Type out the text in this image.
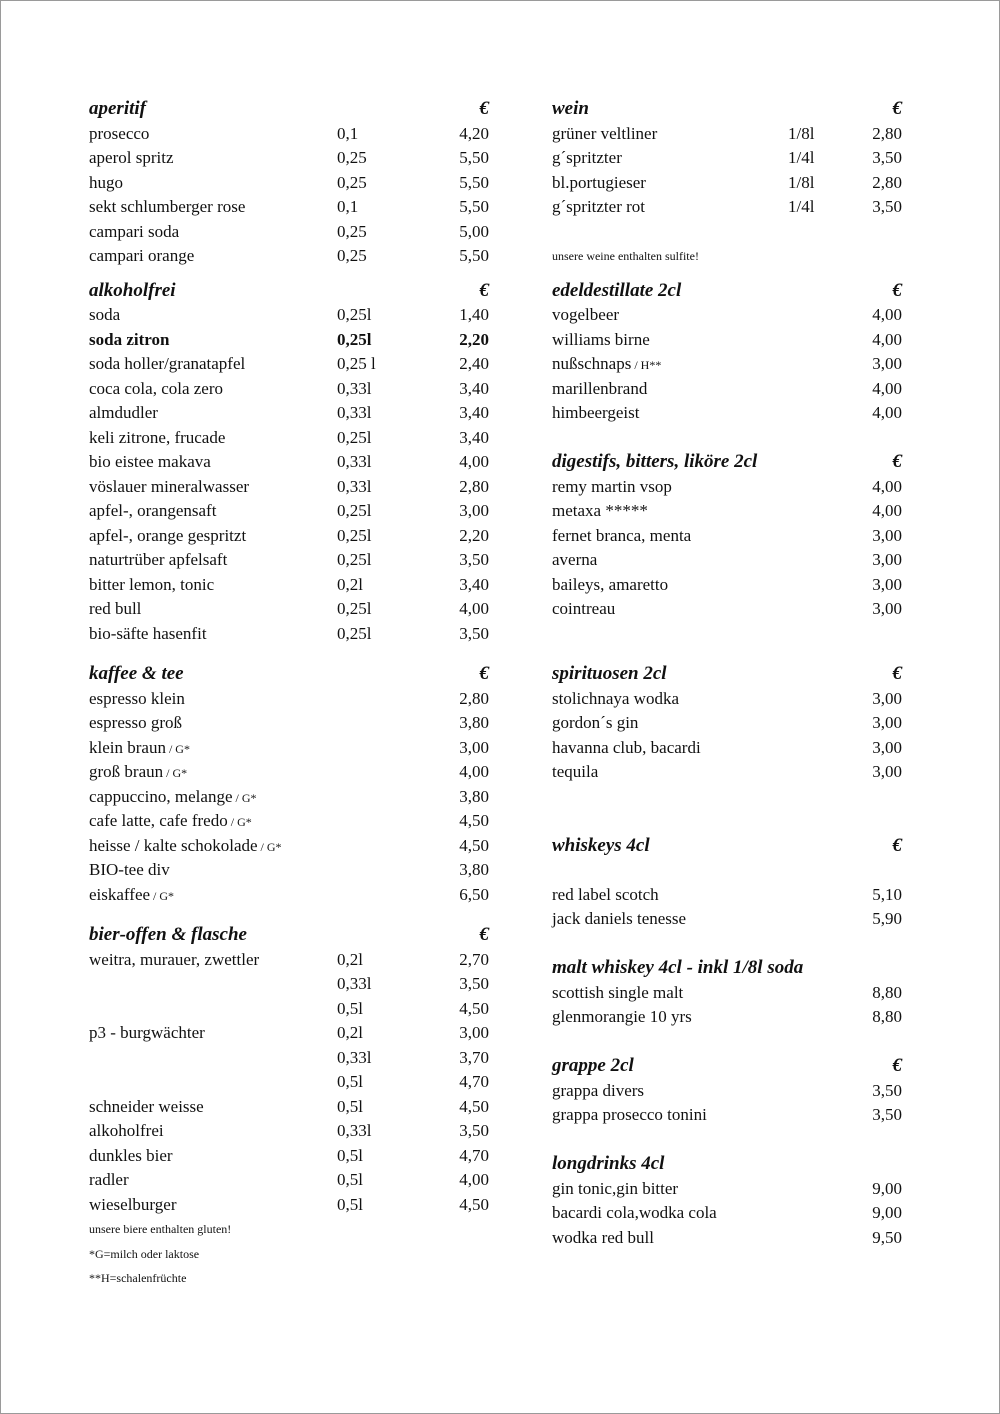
aperitif	€
prosecco	0,1	4,20
aperol spritz	0,25	5,50
hugo	0,25	5,50
sekt schlumberger rose	0,1	5,50
campari soda	0,25	5,00
campari orange	0,25	5,50
alkoholfrei	€
soda	0,25l	1,40
soda zitron	0,25l	2,20
soda holler/granatapfel	0,25 l	2,40
coca cola, cola zero	0,33l	3,40
almdudler	0,33l	3,40
keli zitrone, frucade	0,25l	3,40
bio eistee makava	0,33l	4,00
vöslauer mineralwasser	0,33l	2,80
apfel-, orangensaft	0,25l	3,00
apfel-, orange gespritzt	0,25l	2,20
naturtrüber apfelsaft	0,25l	3,50
bitter lemon, tonic	0,2l	3,40
red bull	0,25l	4,00
bio-säfte hasenfit	0,25l	3,50
kaffee & tee	€
espresso klein	2,80
espresso groß	3,80
klein braun / G*	3,00
groß braun / G*	4,00
cappuccino, melange / G*	3,80
cafe latte, cafe fredo / G*	4,50
heisse / kalte schokolade / G*	4,50
BIO-tee div	3,80
eiskaffee / G*	6,50
bier-offen & flasche	€
weitra, murauer, zwettler	0,2l	2,70
0,33l	3,50
0,5l	4,50
p3 - burgwächter	0,2l	3,00
0,33l	3,70
0,5l	4,70
schneider weisse	0,5l	4,50
alkoholfrei	0,33l	3,50
dunkles bier	0,5l	4,70
radler	0,5l	4,00
wieselburger	0,5l	4,50
unsere biere enthalten gluten!
*G=milch oder laktose
**H=schalenfrüchte
wein	€
grüner veltliner	1/8l	2,80
g´spritzter	1/4l	3,50
bl.portugieser	1/8l	2,80
g´spritzter rot	1/4l	3,50
unsere weine enthalten sulfite!
edeldestillate 2cl	€
vogelbeer	4,00
williams birne	4,00
nußschnaps / H**	3,00
marillenbrand	4,00
himbeergeist	4,00
digestifs, bitters, liköre 2cl	€
remy martin vsop	4,00
metaxa *****	4,00
fernet branca, menta	3,00
averna	3,00
baileys, amaretto	3,00
cointreau	3,00
spirituosen 2cl	€
stolichnaya wodka	3,00
gordon´s gin	3,00
havanna club, bacardi	3,00
tequila	3,00
whiskeys 4cl	€
red label scotch	5,10
jack daniels tenesse	5,90
malt whiskey 4cl - inkl 1/8l soda
scottish single malt	8,80
glenmorangie 10 yrs	8,80
grappe 2cl	€
grappa divers	3,50
grappa prosecco tonini	3,50
longdrinks 4cl
gin tonic,gin bitter	9,00
bacardi cola,wodka cola	9,00
wodka red bull	9,50
